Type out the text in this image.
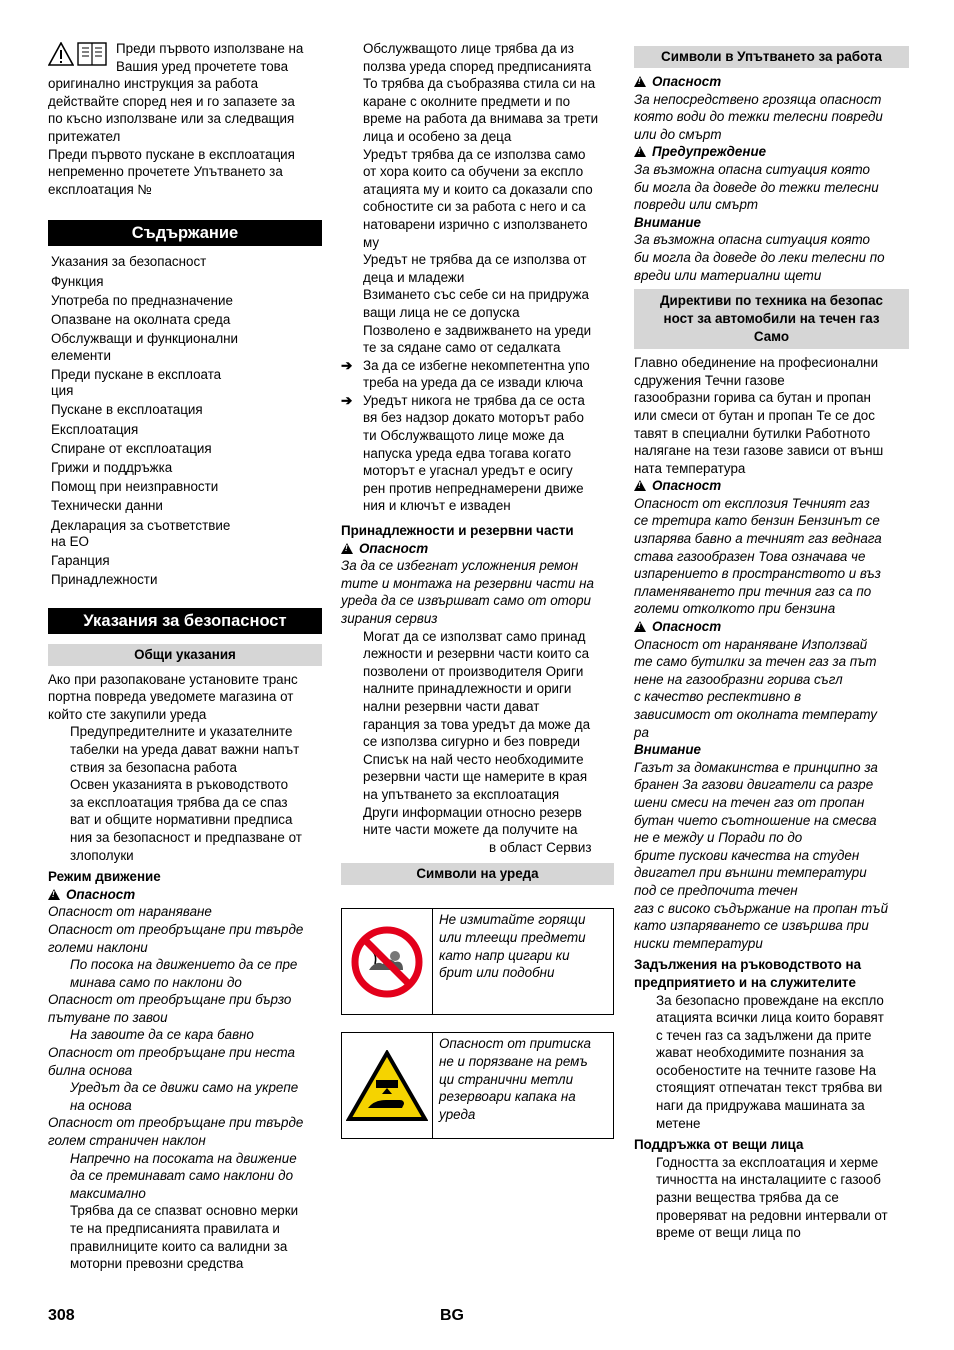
Преди първото използване на

Вашия уред прочетете това

оригинално инструкция за работа

действайте според нея и го запазете за

по късно използване или за следващия

притежател

Преди първото пускане в експлоатация

непременно прочетете Упътването за

експлоатация №

Съдържание

Указания за безопасност

Функция

Употреба по предназначение

Опазване на околната среда

Обслужващи и функционални
елементи

Преди пускане в експлоата
ция

Пускане в експлоатация

Експлоатация

Спиране от експлоатация

Грижи и поддръжка

Помощ при неизправности

Технически данни

Декларация за съответствие
на ЕО

Гаранция

Принадлежности

Указания за безопасност
Общи указания

Ако при разопаковане установите транс

портна повреда уведомете магазина от

който сте закупили уреда

Предупредителните и указателните

табелки на уреда дават важни напът

ствия за безопасна работа

Освен указанията в ръководството

за експлоатация трябва да се спаз

ват и общите нормативни предписа

ния за безопасност и предпазване от

злополуки

Режим движение

!Опасност

Опасност от нараняване

Опасност от преобръщане при твърде

големи наклони

По посока на движението да се пре

минава само по наклони до

Опасност от преобръщане при бързо

пътуване по завои

На завоите да се кара бавно

Опасност от преобръщане при неста

билна основа

Уредът да се движи само на укрепе

на основа

Опасност от преобръщане при твърде

голем страничен наклон

Напречно на посоката на движение

да се преминават само наклони до

максимално

Трябва да се спазват основно мерки

те на предписанията правилата и

правилниците които са валидни за

моторни превозни средства

Обслужващото лице трябва да из

ползва уреда според предписанията

То трябва да съобразява стила си на

каране с околните предмети и по

време на работа да внимава за трети

лица и особено за деца

Уредът трябва да се използва само

от хора които са обучени за експло

атацията му и които са доказали спо

собностите си за работа с него и са

натоварени изрично с използването

му

Уредът не трябва да се използва от

деца и младежи

Взимането със себе си на придружа

ващи лица не се допуска

Позволено е задвижването на уреди

те за сядане само от седалката

➔ За да се избегне некомпетентна упо

треба на уреда да се извади ключа

➔ Уредът никога не трябва да се оста

вя без надзор докато моторът рабо

ти Обслужващото лице може да

напуска уреда едва тогава когато

моторът е угаснал уредът е осигу

рен против непреднамерени движе

ния и ключът е изваден

Принадлежности и резервни части

!Опасност

За да се избегнат усложнения ремон

тите и монтажа на резервни части на

уреда да се извършват само от отори

зирания сервиз

Могат да се използват само принад

лежности и резервни части които са

позволени от производителя Ориги

налните принадлежности и ориги

нални резервни части дават

гаранция за това уредът да може да

се използва сигурно и без повреди

Списък на най често необходимите

резервни части ще намерите в края

на упътването за експлоатация

Други информации относно резерв

ните части можете да получите на

в област Сервиз

Символи на уреда

Не измитайте горящи

или тлеещи предмети

като напр цигари ки

брит или подобни

Опасност от притиска

не и порязване на ремъ

ци странични метли

резервоари капака на

уреда

Символи в Упътването за работа

!Опасност

За непосредствено грозяща опасност

която води до тежки телесни повреди

или до смърт

!Предупреждение

За възможна опасна ситуация която

би могла да доведе до тежки телесни

повреди или смърт

Внимание

За възможна опасна ситуация която

би могла да доведе до леки телесни по

вреди или материални щети

Директиви по техника на безопас

ност за автомобили на течен газ

Само

Главно обединение на професионални

сдружения Течни газове

газообразни горива са бутан и пропан

или смеси от бутан и пропан Те се дос

тавят в специални бутилки Работното

налягане на тези газове зависи от външ

ната температура

!Опасност

Опасност от експлозия Течният газ

се третира като бензин Бензинът се

изпарява бавно а течният газ веднага

става газообразен Това означава че

изпарението в пространството и въз

пламеняването при течния газ са по

големи отколкото при бензина

!Опасност

Опасност от нараняване Използвай

те само бутилки за течен газ за път

нене на газообразни горива съгл

с качество респективно в

зависимост от околната температу

ра

Внимание

Газът за домакинства е принципно за

бранен За газови двигатели са разре

шени смеси на течен газ от пропан

бутан чието съотношение на смесва

не е между и Поради по до

брите пускови качества на студен

двигател при външни температури

под се предпочита течен

газ с високо съдържание на пропан тъй

като изпаряването се извършва при

ниски температури

Задължения на ръководството на

предприятието и на служителите

За безопасно провеждане на експло

атацията всички лица които боравят

с течен газ са задължени да прите

жават необходимите познания за

особеностите на течните газове На

стоящият отпечатан текст трябва ви

наги да придружава машината за

метене

Поддръжка от вещи лица

Годността за експлоатация и херме

тичността на инсталациите с газооб

разни вещества трябва да се

проверяват на редовни интервали от

време от вещи лица по

308	BG
